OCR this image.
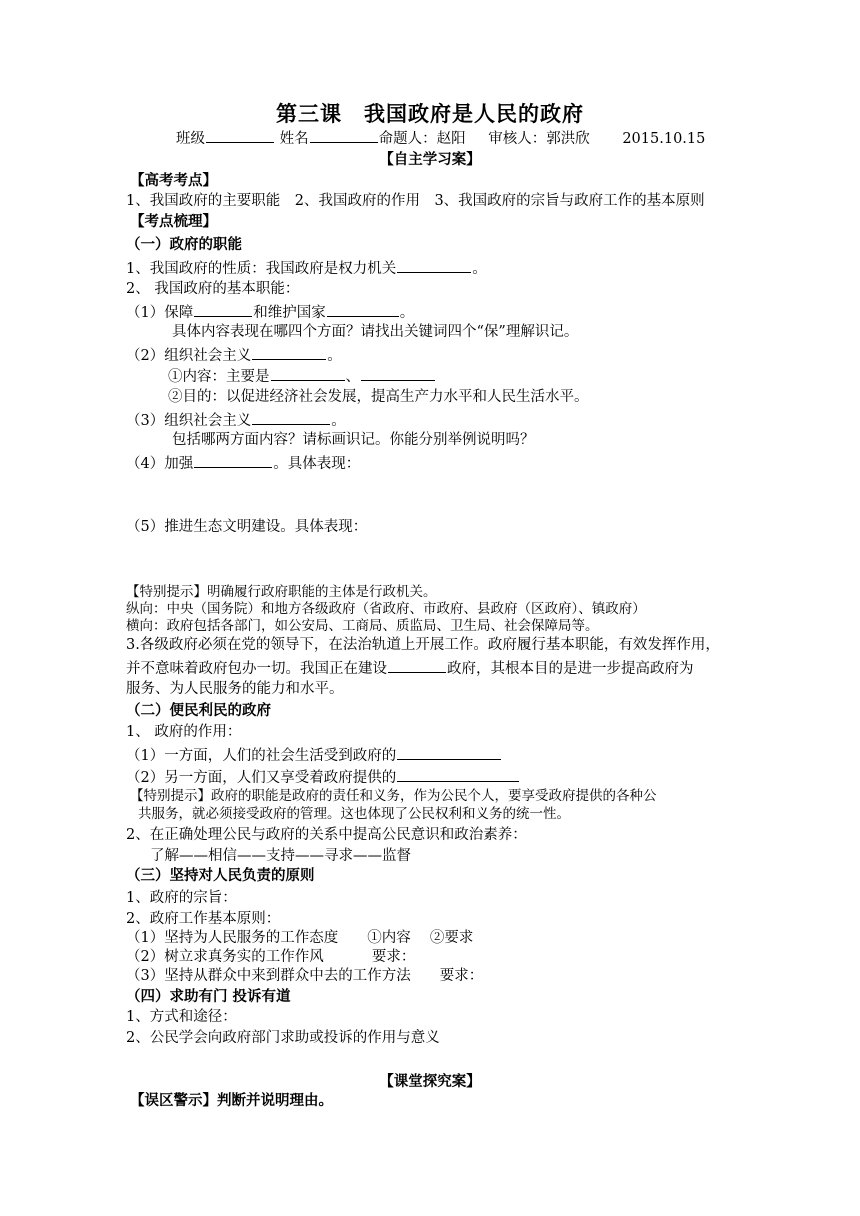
第三课　我国政府是人民的政府
班级	姓名	命题人：赵阳 审核人：郭洪欣 2015.10.15
【自主学习案】
【高考考点】
1、我国政府的主要职能　2、我国政府的作用　3、我国政府的宗旨与政府工作的基本原则
【考点梳理】
（一）政府的职能
1、我国政府的性质：我国政府是权力机关	。
2、 我国政府的基本职能：
（1）保障	和维护国家	。
具体内容表现在哪四个方面？请找出关键词四个“保”理解识记。
（2）组织社会主义	。
①内容：主要是	、
②目的：以促进经济社会发展，提高生产力水平和人民生活水平。
（3）组织社会主义	。
包括哪两方面内容？请标画识记。你能分别举例说明吗？
（4）加强	。具体表现：
（5）推进生态文明建设。具体表现：
【特别提示】明确履行政府职能的主体是行政机关。
纵向：中央（国务院）和地方各级政府（省政府、市政府、县政府（区政府）、镇政府）
横向：政府包括各部门，如公安局、工商局、质监局、卫生局、社会保障局等。
3.各级政府必须在党的领导下，在法治轨道上开展工作。政府履行基本职能，有效发挥作用，
并不意味着政府包办一切。我国正在建设	政府，其根本目的是进一步提高政府为
服务、为人民服务的能力和水平。
（二）便民利民的政府
1、 政府的作用：
（1）一方面，人们的社会生活受到政府的
（2）另一方面，人们又享受着政府提供的
【特别提示】政府的职能是政府的责任和义务，作为公民个人，要享受政府提供的各种公
共服务，就必须接受政府的管理。这也体现了公民权利和义务的统一性。
2、在正确处理公民与政府的关系中提高公民意识和政治素养：
了解——相信——支持——寻求——监督
（三）坚持对人民负责的原则
1、政府的宗旨：
2、政府工作基本原则：
（1）坚持为人民服务的工作态度　　①内容　 ②要求
（2）树立求真务实的工作作风　　　 要求：
（3）坚持从群众中来到群众中去的工作方法　　要求：
（四）求助有门 投诉有道
1、方式和途径：
2、公民学会向政府部门求助或投诉的作用与意义
【课堂探究案】
【误区警示】判断并说明理由。
